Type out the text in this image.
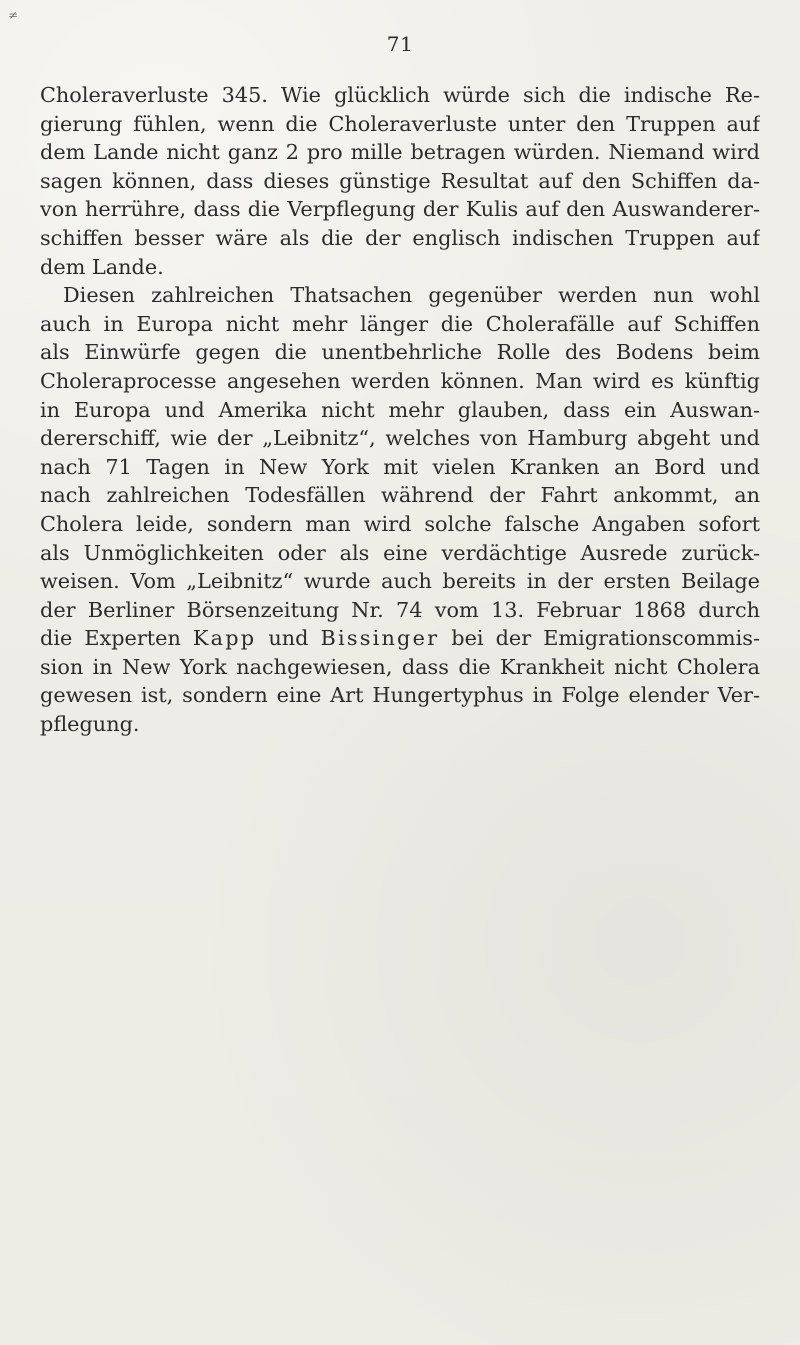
≠
71
Choleraverluste 345. Wie glücklich würde sich die indische Re-
gierung fühlen, wenn die Choleraverluste unter den Truppen auf
dem Lande nicht ganz 2 pro mille betragen würden. Niemand wird
sagen können, dass dieses günstige Resultat auf den Schiffen da-
von herrühre, dass die Verpflegung der Kulis auf den Auswanderer-
schiffen besser wäre als die der englisch indischen Truppen auf
dem Lande.
Diesen zahlreichen Thatsachen gegenüber werden nun wohl
auch in Europa nicht mehr länger die Cholerafälle auf Schiffen
als Einwürfe gegen die unentbehrliche Rolle des Bodens beim
Choleraprocesse angesehen werden können. Man wird es künftig
in Europa und Amerika nicht mehr glauben, dass ein Auswan-
dererschiff, wie der „Leibnitz“, welches von Hamburg abgeht und
nach 71 Tagen in New York mit vielen Kranken an Bord und
nach zahlreichen Todesfällen während der Fahrt ankommt, an
Cholera leide, sondern man wird solche falsche Angaben sofort
als Unmöglichkeiten oder als eine verdächtige Ausrede zurück-
weisen. Vom „Leibnitz“ wurde auch bereits in der ersten Beilage
der Berliner Börsenzeitung Nr. 74 vom 13. Februar 1868 durch
die Experten Kapp und Bissinger bei der Emigrationscommis-
sion in New York nachgewiesen, dass die Krankheit nicht Cholera
gewesen ist, sondern eine Art Hungertyphus in Folge elender Ver-
pflegung.
